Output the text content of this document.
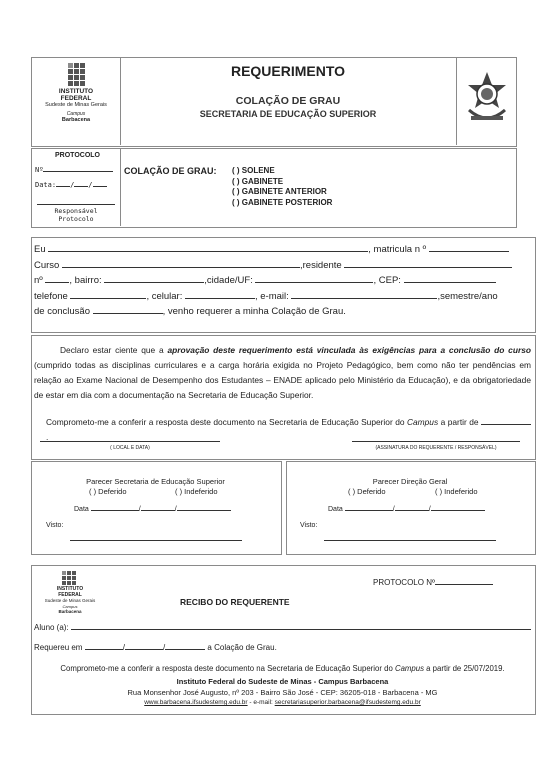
INSTITUTO
FEDERAL
Sudeste de Minas Gerais
Campus
Barbacena
REQUERIMENTO
COLAÇÃO DE GRAU
SECRETARIA DE EDUCAÇÃO SUPERIOR
PROTOCOLO
Nº
Data: / /
Responsável
Protocolo
COLAÇÃO DE GRAU: ( ) SOLENE
( ) GABINETE
( ) GABINETE ANTERIOR
( ) GABINETE POSTERIOR
Eu	, matricula n º
Curso	,residente
nº	, bairro:	,cidade/UF:	, CEP:
telefone	, celular:	, e-mail:	,semestre/ano
de conclusão	, venho requerer a minha Colação de Grau.
Declaro estar ciente que a aprovação deste requerimento está vinculada às exigências para a conclusão do curso (cumprido todas as disciplinas curriculares e a carga horária exigida no Projeto Pedagógico, bem como não ter pendências em relação ao Exame Nacional de Desempenho dos Estudantes – ENADE aplicado pelo Ministério da Educação), e da obrigatoriedade de estar em dia com a documentação na Secretaria de Educação Superior.
Comprometo-me a conferir a resposta deste documento na Secretaria de Educação Superior do Campus a partir de .
( LOCAL E DATA)	(ASSINATURA DO REQUERENTE / RESPONSÁVEL)
Parecer Secretaria de Educação Superior
( ) Deferido	( ) Indeferido
Data	/	/
Visto:
Parecer Direção Geral
( ) Deferido	( ) Indeferido
Data	/	/
Visto:
INSTITUTO
FEDERAL
Sudeste de Minas Gerais
Campus
Barbacena
PROTOCOLO Nº
RECIBO DO REQUERENTE
Aluno (a):
Requereu em	/	/	a Colação de Grau.
Comprometo-me a conferir a resposta deste documento na Secretaria de Educação Superior do Campus a partir de 25/07/2019.
Instituto Federal do Sudeste de Minas - Campus Barbacena
Rua Monsenhor José Augusto, nº 203 - Bairro São José - CEP: 36205-018 - Barbacena - MG
www.barbacena.ifsudestemg.edu.br - e-mail: secretariasuperior.barbacena@ifsudestemg.edu.br
